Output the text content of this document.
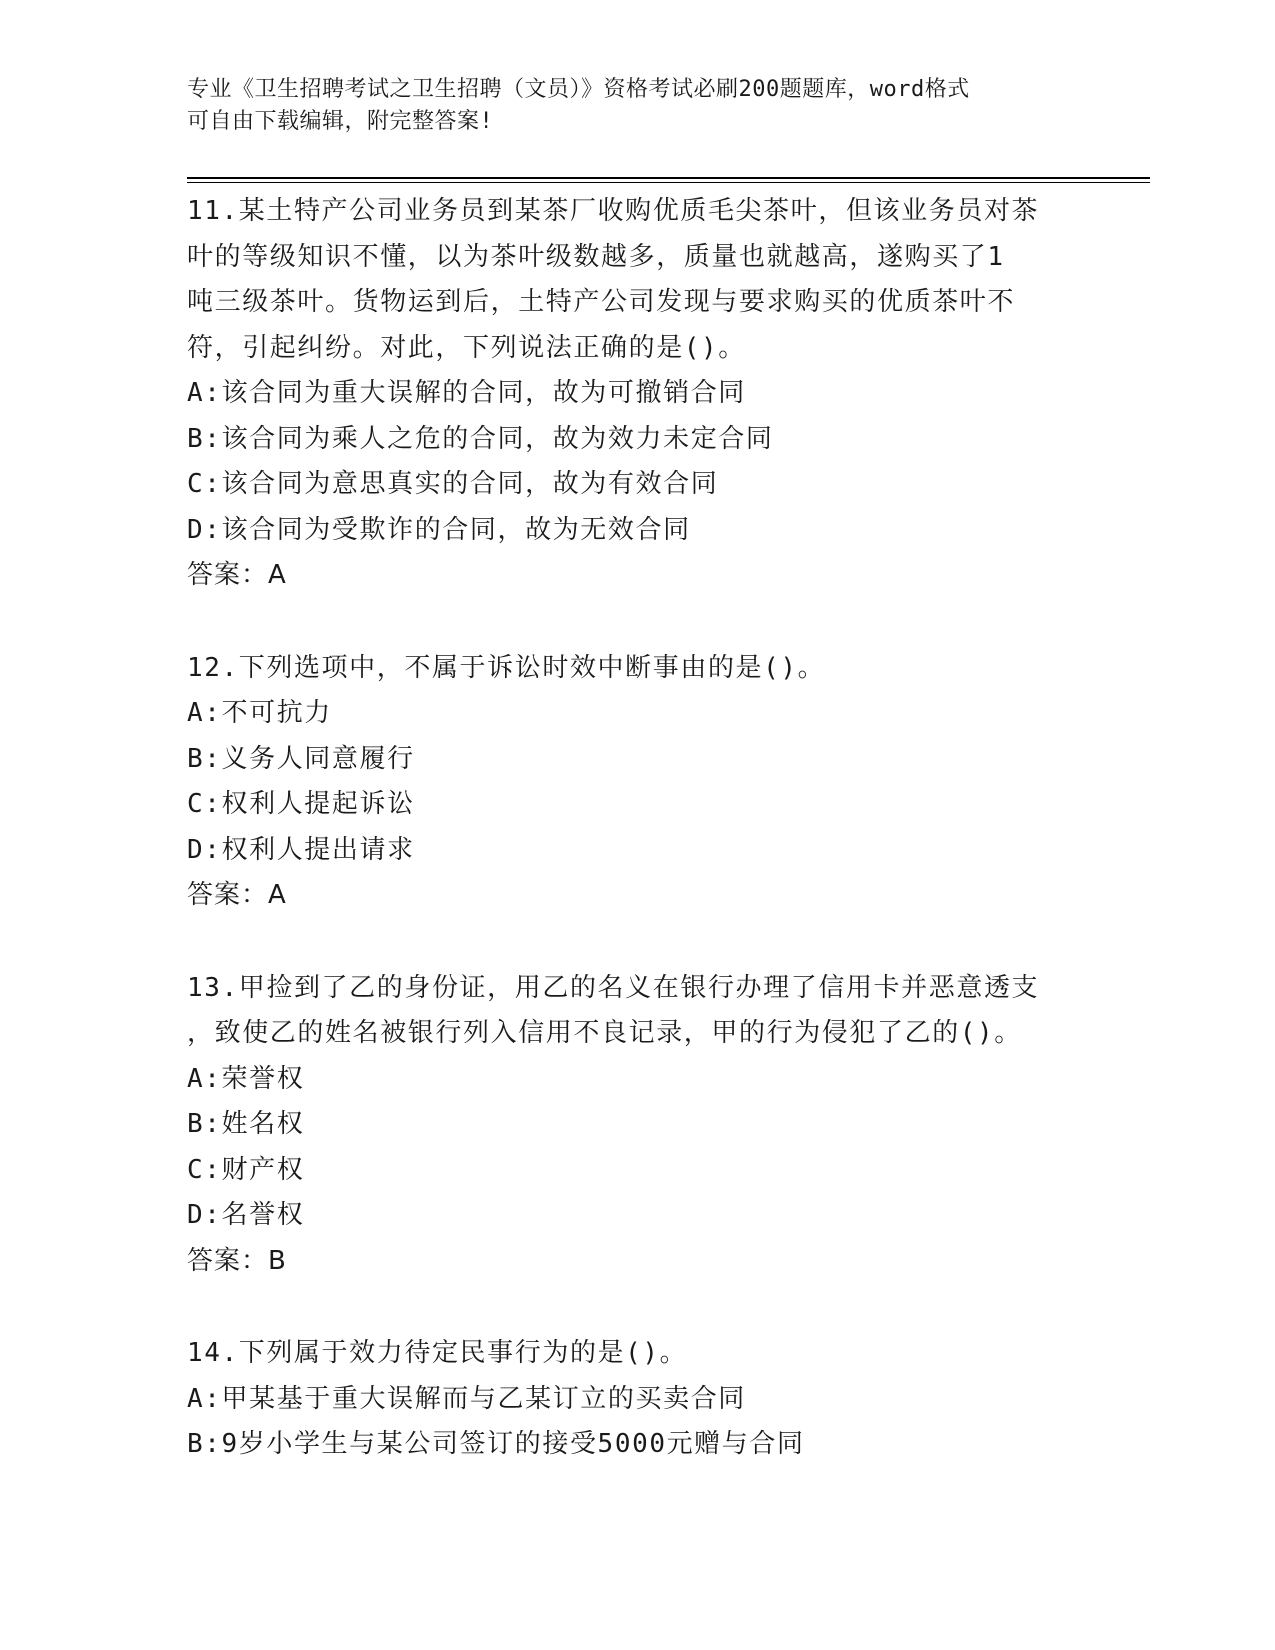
专业《卫生招聘考试之卫生招聘（文员）》资格考试必刷200题题库，word格式
可自由下载编辑，附完整答案!
11.某土特产公司业务员到某茶厂收购优质毛尖茶叶，但该业务员对茶
叶的等级知识不懂，以为茶叶级数越多，质量也就越高，遂购买了1
吨三级茶叶。货物运到后，土特产公司发现与要求购买的优质茶叶不
符，引起纠纷。对此，下列说法正确的是()。
A:该合同为重大误解的合同，故为可撤销合同
B:该合同为乘人之危的合同，故为效力未定合同
C:该合同为意思真实的合同，故为有效合同
D:该合同为受欺诈的合同，故为无效合同
答案：A
12.下列选项中，不属于诉讼时效中断事由的是()。
A:不可抗力
B:义务人同意履行
C:权利人提起诉讼
D:权利人提出请求
答案：A
13.甲捡到了乙的身份证，用乙的名义在银行办理了信用卡并恶意透支
，致使乙的姓名被银行列入信用不良记录，甲的行为侵犯了乙的()。
A:荣誉权
B:姓名权
C:财产权
D:名誉权
答案：B
14.下列属于效力待定民事行为的是()。
A:甲某基于重大误解而与乙某订立的买卖合同
B:9岁小学生与某公司签订的接受5000元赠与合同
